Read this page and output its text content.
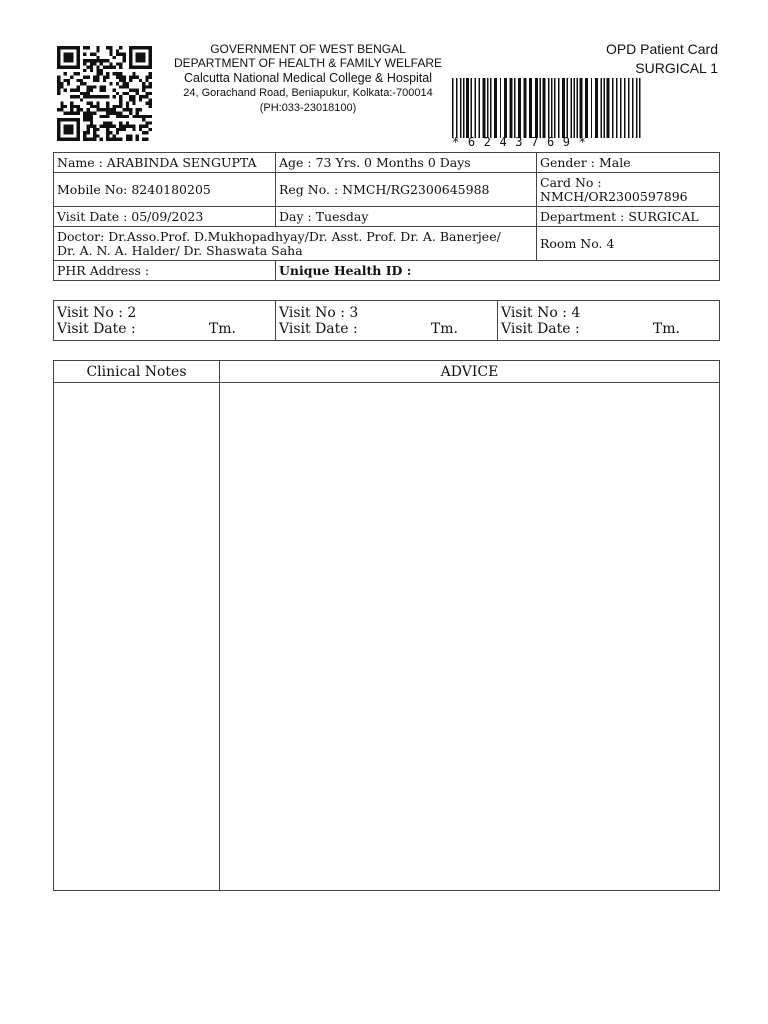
GOVERNMENT OF WEST BENGAL
DEPARTMENT OF HEALTH & FAMILY WELFARE
Calcutta National Medical College & Hospital
24, Gorachand Road, Beniapukur, Kolkata:-700014
(PH:033-23018100)
OPD Patient Card
SURGICAL 1
*6243769*
Name : ARABINDA SENGUPTA	Age : 73 Yrs. 0 Months 0 Days	Gender : Male
Mobile No: 8240180205	Reg No. : NMCH/RG2300645988	Card No :
NMCH/OR2300597896

Visit Date : 05/09/2023	Day : Tuesday	Department : SURGICAL

Doctor: Dr.Asso.Prof. D.Mukhopadhyay/Dr. Asst. Prof. Dr. A. Banerjee/
Dr. A. N. A. Halder/ Dr. Shaswata Saha		Room No. 4
PHR Address :	Unique Health ID :	
Visit No : 2
Visit Date :	Tm.

Visit No : 3
Visit Date :	Tm.

Visit No : 4
Visit Date :	Tm.
Clinical Notes	ADVICE
